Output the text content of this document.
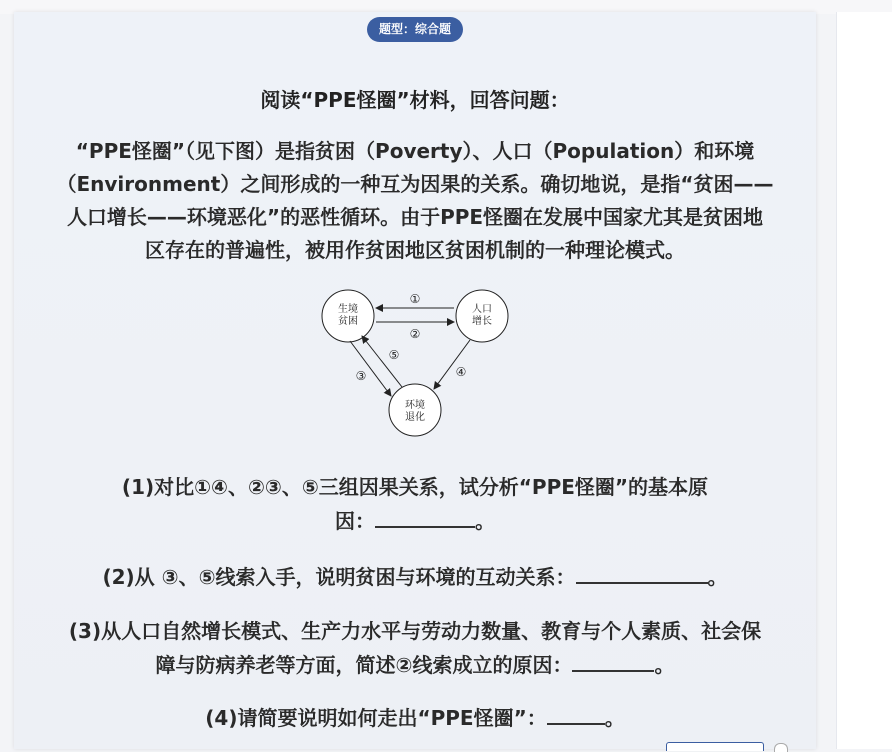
题型：综合题
阅读“PPE怪圈”材料，回答问题：
“PPE怪圈”（见下图）是指贫困（Poverty）、人口（Population）和环境
（Environment）之间形成的一种互为因果的关系。确切地说，是指“贫困——
人口增长——环境恶化”的恶性循环。由于PPE怪圈在发展中国家尤其是贫困地
区存在的普遍性，被用作贫困地区贫困机制的一种理论模式。
生境
贫困
人口
增长
环境
退化
①
②
③	④
⑤
(1)对比①④、②③、⑤三组因果关系，试分析“PPE怪圈”的基本原
因：	。
(2)从 ③、⑤线索入手，说明贫困与环境的互动关系：	。
(3)从人口自然增长模式、生产力水平与劳动力数量、教育与个人素质、社会保
障与防病养老等方面，简述②线索成立的原因：	。
(4)请简要说明如何走出“PPE怪圈”：	。
